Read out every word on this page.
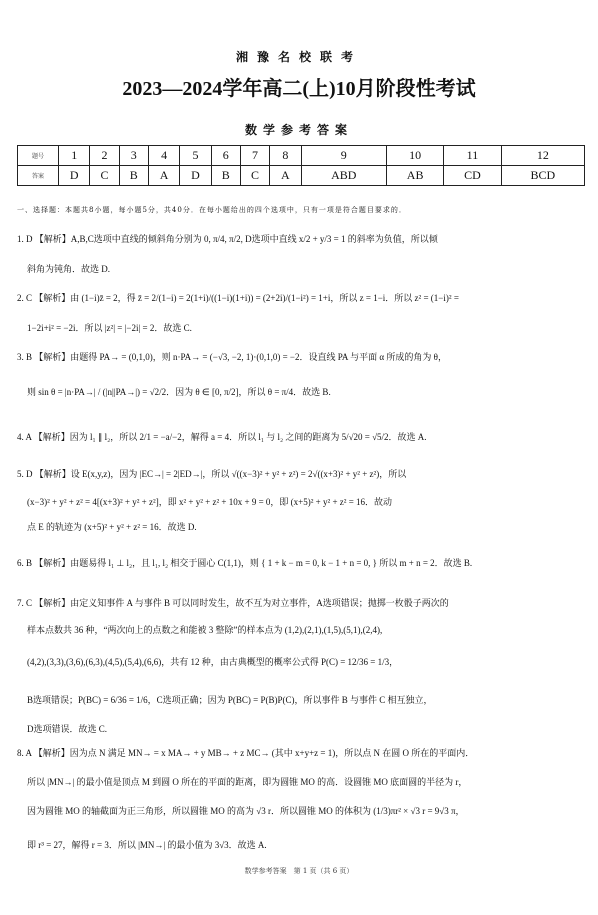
湘豫名校联考
2023—2024学年高二(上)10月阶段性考试
数学参考答案
题号	1	2	3	4	5	6	7	8	9	10	11	12
答案	D	C	B	A	D	B	C	A	ABD	AB	CD	BCD
一、选择题：本题共8小题，每小题5分，共40分．在每小题给出的四个选项中，只有一项是符合题目要求的．
1. D 【解析】A,B,C选项中直线的倾斜角分别为 0, π/4, π/2, D选项中直线 x/2 + y/3 = 1 的斜率为负值，所以倾
斜角为钝角．故选 D.
2. C 【解析】由 (1−i)z̄ = 2，得 z̄ = 2/(1−i) = 2(1+i)/((1−i)(1+i)) = (2+2i)/(1−i²) = 1+i，所以 z = 1−i．所以 z² = (1−i)² =
1−2i+i² = −2i．所以 |z²| = |−2i| = 2．故选 C.
3. B 【解析】由题得 PA→ = (0,1,0)，则 n·PA→ = (−√3, −2, 1)·(0,1,0) = −2．设直线 PA 与平面 α 所成的角为 θ，
则 sin θ = |n·PA→| / (|n||PA→|) = √2/2．因为 θ ∈ [0, π/2]，所以 θ = π/4．故选 B.
4. A 【解析】因为 l₁ ∥ l₂，所以 2/1 = −a/−2，解得 a = 4．所以 l₁ 与 l₂ 之间的距离为 5/√20 = √5/2．故选 A.
5. D 【解析】设 E(x,y,z)，因为 |EC→| = 2|ED→|，所以 √((x−3)² + y² + z²) = 2√((x+3)² + y² + z²)，所以
(x−3)² + y² + z² = 4[(x+3)² + y² + z²]，即 x² + y² + z² + 10x + 9 = 0，即 (x+5)² + y² + z² = 16．故动
点 E 的轨迹为 (x+5)² + y² + z² = 16．故选 D.
6. B 【解析】由题易得 l₁ ⊥ l₂，且 l₁, l₂ 相交于圆心 C(1,1)，则 { 1 + k − m = 0, k − 1 + n = 0, } 所以 m + n = 2．故选 B.
7. C 【解析】由定义知事件 A 与事件 B 可以同时发生，故不互为对立事件，A选项错误；抛掷一枚骰子两次的
样本点数共 36 种，“两次向上的点数之和能被 3 整除”的样本点为 (1,2),(2,1),(1,5),(5,1),(2,4),
(4,2),(3,3),(3,6),(6,3),(4,5),(5,4),(6,6)，共有 12 种，由古典概型的概率公式得 P(C) = 12/36 = 1/3，
B选项错误；P(BC) = 6/36 = 1/6，C选项正确；因为 P(BC) = P(B)P(C)，所以事件 B 与事件 C 相互独立，
D选项错误．故选 C.
8. A 【解析】因为点 N 满足 MN→ = x MA→ + y MB→ + z MC→ (其中 x+y+z = 1)，所以点 N 在圆 O 所在的平面内．
所以 |MN→| 的最小值是顶点 M 到圆 O 所在的平面的距离，即为圆锥 MO 的高．设圆锥 MO 底面圆的半径为 r，
因为圆锥 MO 的轴截面为正三角形，所以圆锥 MO 的高为 √3 r．所以圆锥 MO 的体积为 (1/3)πr² × √3 r = 9√3 π，
即 r³ = 27，解得 r = 3．所以 |MN→| 的最小值为 3√3．故选 A.
数学参考答案　第 1 页（共 6 页）
